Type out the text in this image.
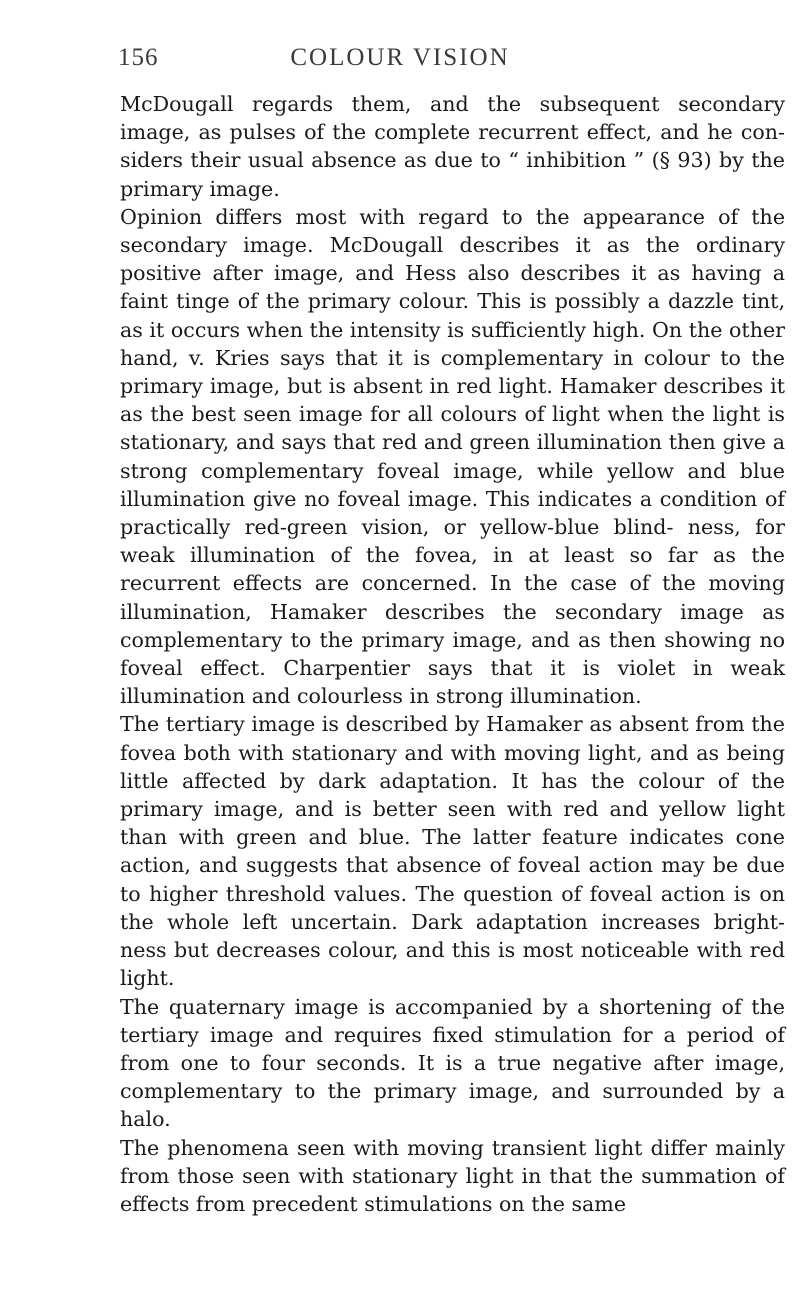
156	COLOUR VISION

McDougall regards them, and the subsequent secondary image, as pulses of the complete recurrent effect, and he con- siders their usual absence as due to “ inhibition ” (§ 93) by the primary image.

Opinion differs most with regard to the appearance of the secondary image. McDougall describes it as the ordinary positive after image, and Hess also describes it as having a faint tinge of the primary colour. This is possibly a dazzle tint, as it occurs when the intensity is sufficiently high. On the other hand, v. Kries says that it is complementary in colour to the primary image, but is absent in red light. Hamaker describes it as the best seen image for all colours of light when the light is stationary, and says that red and green illumination then give a strong complementary foveal image, while yellow and blue illumination give no foveal image. This indicates a condition of practically red-green vision, or yellow-blue blind- ness, for weak illumination of the fovea, in at least so far as the recurrent effects are concerned. In the case of the moving illumination, Hamaker describes the secondary image as complementary to the primary image, and as then showing no foveal effect. Charpentier says that it is violet in weak illumination and colourless in strong illumination.

The tertiary image is described by Hamaker as absent from the fovea both with stationary and with moving light, and as being little affected by dark adaptation. It has the colour of the primary image, and is better seen with red and yellow light than with green and blue. The latter feature indicates cone action, and suggests that absence of foveal action may be due to higher threshold values. The question of foveal action is on the whole left uncertain. Dark adaptation increases bright- ness but decreases colour, and this is most noticeable with red light.

The quaternary image is accompanied by a shortening of the tertiary image and requires fixed stimulation for a period of from one to four seconds. It is a true negative after image, complementary to the primary image, and surrounded by a halo.

The phenomena seen with moving transient light differ mainly from those seen with stationary light in that the summation of effects from precedent stimulations on the same
